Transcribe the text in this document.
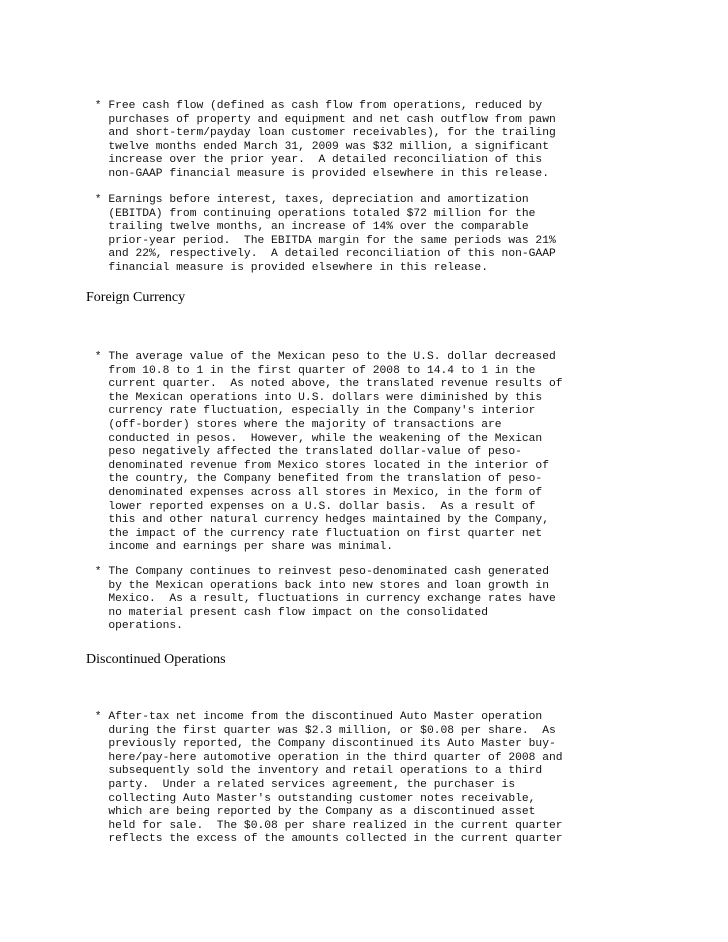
* Free cash flow (defined as cash flow from operations, reduced by
purchases of property and equipment and net cash outflow from pawn
and short-term/payday loan customer receivables), for the trailing
twelve months ended March 31, 2009 was $32 million, a significant
increase over the prior year.  A detailed reconciliation of this
non-GAAP financial measure is provided elsewhere in this release.
* Earnings before interest, taxes, depreciation and amortization
(EBITDA) from continuing operations totaled $72 million for the
trailing twelve months, an increase of 14% over the comparable
prior-year period.  The EBITDA margin for the same periods was 21%
and 22%, respectively.  A detailed reconciliation of this non-GAAP
financial measure is provided elsewhere in this release.
Foreign Currency
* The average value of the Mexican peso to the U.S. dollar decreased
from 10.8 to 1 in the first quarter of 2008 to 14.4 to 1 in the
current quarter.  As noted above, the translated revenue results of
the Mexican operations into U.S. dollars were diminished by this
currency rate fluctuation, especially in the Company's interior
(off-border) stores where the majority of transactions are
conducted in pesos.  However, while the weakening of the Mexican
peso negatively affected the translated dollar-value of peso-
denominated revenue from Mexico stores located in the interior of
the country, the Company benefited from the translation of peso-
denominated expenses across all stores in Mexico, in the form of
lower reported expenses on a U.S. dollar basis.  As a result of
this and other natural currency hedges maintained by the Company,
the impact of the currency rate fluctuation on first quarter net
income and earnings per share was minimal.
* The Company continues to reinvest peso-denominated cash generated
by the Mexican operations back into new stores and loan growth in
Mexico.  As a result, fluctuations in currency exchange rates have
no material present cash flow impact on the consolidated
operations.
Discontinued Operations
* After-tax net income from the discontinued Auto Master operation
during the first quarter was $2.3 million, or $0.08 per share.  As
previously reported, the Company discontinued its Auto Master buy-
here/pay-here automotive operation in the third quarter of 2008 and
subsequently sold the inventory and retail operations to a third
party.  Under a related services agreement, the purchaser is
collecting Auto Master's outstanding customer notes receivable,
which are being reported by the Company as a discontinued asset
held for sale.  The $0.08 per share realized in the current quarter
reflects the excess of the amounts collected in the current quarter
